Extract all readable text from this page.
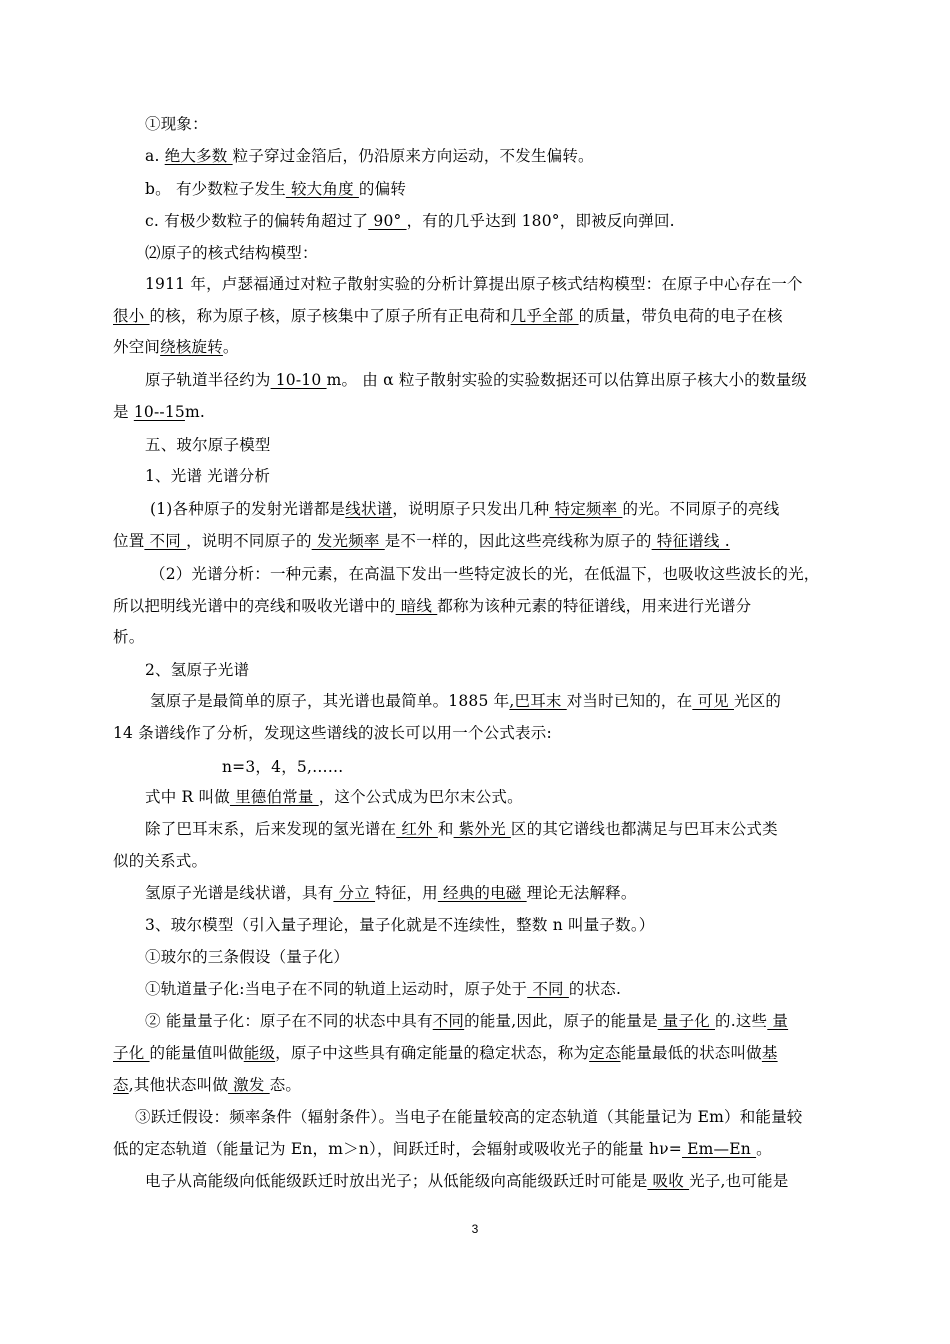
①现象：
a. 绝大多数 粒子穿过金箔后，仍沿原来方向运动，不发生偏转。
b。 有少数粒子发生 较大角度 的偏转
c. 有极少数粒子的偏转角超过了 90° ，有的几乎达到 180°，即被反向弹回.
⑵原子的核式结构模型：
1911 年，卢瑟福通过对粒子散射实验的分析计算提出原子核式结构模型：在原子中心存在一个
很小 的核，称为原子核，原子核集中了原子所有正电荷和几乎全部 的质量，带负电荷的电子在核
外空间绕核旋转。
原子轨道半径约为 10-10 m。 由 α 粒子散射实验的实验数据还可以估算出原子核大小的数量级
是 10--15m.
五、玻尔原子模型
1、光谱 光谱分析
(1)各种原子的发射光谱都是线状谱，说明原子只发出几种 特定频率 的光。不同原子的亮线
位置 不同 ，说明不同原子的 发光频率 是不一样的，因此这些亮线称为原子的 特征谱线 .
（2）光谱分析：一种元素，在高温下发出一些特定波长的光，在低温下，也吸收这些波长的光，
所以把明线光谱中的亮线和吸收光谱中的 暗线 都称为该种元素的特征谱线，用来进行光谱分
析。
2、氢原子光谱
氢原子是最简单的原子，其光谱也最简单。1885 年,巴耳末 对当时已知的，在 可见 光区的
14 条谱线作了分析，发现这些谱线的波长可以用一个公式表示:
n=3，4，5,……
式中 R 叫做 里德伯常量 ，这个公式成为巴尔末公式。
除了巴耳末系，后来发现的氢光谱在 红外 和 紫外光 区的其它谱线也都满足与巴耳末公式类
似的关系式。
氢原子光谱是线状谱，具有 分立 特征，用 经典的电磁 理论无法解释。
3、玻尔模型（引入量子理论，量子化就是不连续性，整数 n 叫量子数。）
①玻尔的三条假设（量子化）
①轨道量子化:当电子在不同的轨道上运动时，原子处于 不同 的状态.
② 能量量子化：原子在不同的状态中具有不同的能量,因此，原子的能量是 量子化 的.这些 量
子化 的能量值叫做能级，原子中这些具有确定能量的稳定状态，称为定态能量最低的状态叫做基
态,其他状态叫做 激发 态。
③跃迁假设：频率条件（辐射条件）。当电子在能量较高的定态轨道（其能量记为 Em）和能量较
低的定态轨道（能量记为 En，m＞n），间跃迁时，会辐射或吸收光子的能量 hν= Em—En 。
电子从高能级向低能级跃迁时放出光子；从低能级向高能级跃迁时可能是 吸收 光子,也可能是
3
